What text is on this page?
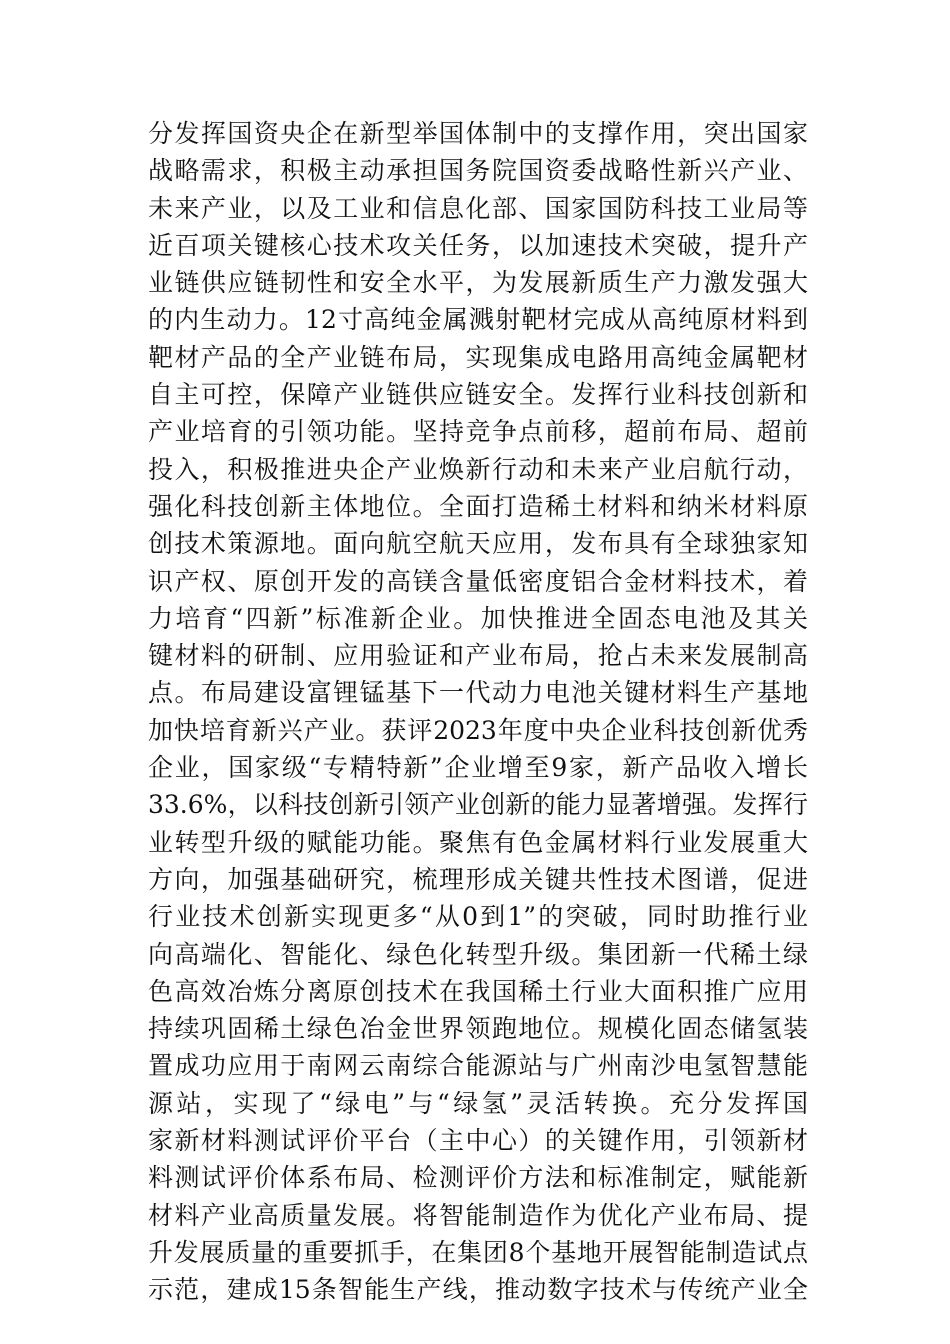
分发挥国资央企在新型举国体制中的支撑作用，突出国家
战略需求，积极主动承担国务院国资委战略性新兴产业、
未来产业，以及工业和信息化部、国家国防科技工业局等
近百项关键核心技术攻关任务，以加速技术突破，提升产
业链供应链韧性和安全水平，为发展新质生产力激发强大
的内生动力。12寸高纯金属溅射靶材完成从高纯原材料到
靶材产品的全产业链布局，实现集成电路用高纯金属靶材
自主可控，保障产业链供应链安全。发挥行业科技创新和
产业培育的引领功能。坚持竞争点前移，超前布局、超前
投入，积极推进央企产业焕新行动和未来产业启航行动，
强化科技创新主体地位。全面打造稀土材料和纳米材料原
创技术策源地。面向航空航天应用，发布具有全球独家知
识产权、原创开发的高镁含量低密度铝合金材料技术，着
力培育“四新”标准新企业。加快推进全固态电池及其关
键材料的研制、应用验证和产业布局，抢占未来发展制高
点。布局建设富锂锰基下一代动力电池关键材料生产基地
加快培育新兴产业。获评2023年度中央企业科技创新优秀
企业，国家级“专精特新”企业增至9家，新产品收入增长
33.6%，以科技创新引领产业创新的能力显著增强。发挥行
业转型升级的赋能功能。聚焦有色金属材料行业发展重大
方向，加强基础研究，梳理形成关键共性技术图谱，促进
行业技术创新实现更多“从0到1”的突破，同时助推行业
向高端化、智能化、绿色化转型升级。集团新一代稀土绿
色高效冶炼分离原创技术在我国稀土行业大面积推广应用
持续巩固稀土绿色冶金世界领跑地位。规模化固态储氢装
置成功应用于南网云南综合能源站与广州南沙电氢智慧能
源站，实现了“绿电”与“绿氢”灵活转换。充分发挥国
家新材料测试评价平台（主中心）的关键作用，引领新材
料测试评价体系布局、检测评价方法和标准制定，赋能新
材料产业高质量发展。将智能制造作为优化产业布局、提
升发展质量的重要抓手，在集团8个基地开展智能制造试点
示范，建成15条智能生产线，推动数字技术与传统产业全
